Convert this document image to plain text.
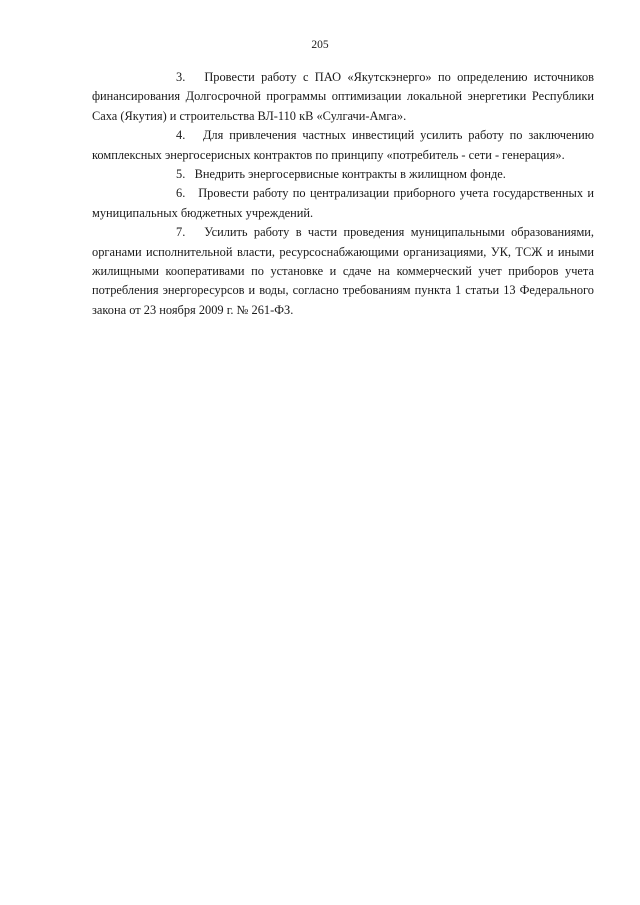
205

3. Провести работу с ПАО «Якутскэнерго» по определению источников финансирования Долгосрочной программы оптимизации локальной энергетики Республики Саха (Якутия) и строительства ВЛ-110 кВ «Сулгачи-Амга».

4. Для привлечения частных инвестиций усилить работу по заключению комплексных энергосерисных контрактов по принципу «потребитель - сети - генерация».

5. Внедрить энергосервисные контракты в жилищном фонде.

6. Провести работу по централизации приборного учета государственных и муниципальных бюджетных учреждений.

7. Усилить работу в части проведения муниципальными образованиями, органами исполнительной власти, ресурсоснабжающими организациями, УК, ТСЖ и иными жилищными кооперативами по установке и сдаче на коммерческий учет приборов учета потребления энергоресурсов и воды, согласно требованиям пункта 1 статьи 13 Федерального закона от 23 ноября 2009 г. № 261-ФЗ.
